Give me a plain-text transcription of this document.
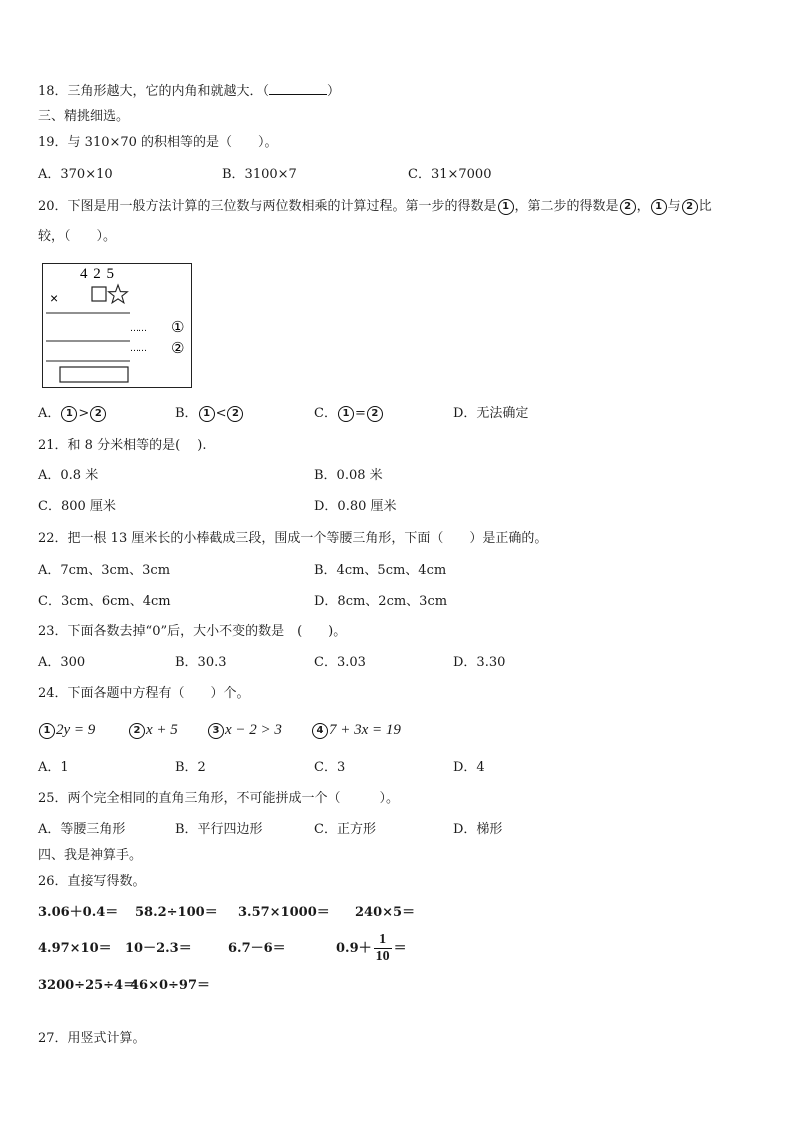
18．三角形越大，它的内角和就越大．（	）
三、精挑细选。
19．与 310×70 的积相等的是（　　）。
A．370×10	B．3100×7	C．31×7000
20．下图是用一般方法计算的三位数与两位数相乘的计算过程。第一步的得数是 1 ，第二步的得数是 2 ， 1 与 2 比
较，（　　）。
4 2 5
×
…… ①
…… ②
A． 1 > 2	B． 1 < 2	C． 1 = 2	D．无法确定
21．和 8 分米相等的是(　 ).
A．0.8 米	B．0.08 米
C．800 厘米	D．0.80 厘米
22．把一根 13 厘米长的小棒截成三段，围成一个等腰三角形，下面（　　）是正确的。
A．7cm、3cm、3cm	B．4cm、5cm、4cm
C．3cm、6cm、4cm	D．8cm、2cm、3cm
23．下面各数去掉“0”后，大小不变的数是　(　　)。
A．300	B．30.3	C．3.03	D．3.30
24．下面各题中方程有（　　）个。
1 2y = 9	2 x + 5	3 x − 2 > 3	4 7 + 3x = 19
A．1	B．2	C．3	D．4
25．两个完全相同的直角三角形，不可能拼成一个（　　　）。
A．等腰三角形	B．平行四边形	C．正方形	D．梯形
四、我是神算手。
26．直接写得数。
3.06＋0.4＝ 58.2÷100＝ 3.57×1000＝ 240×5＝
4.97×10＝ 10－2.3＝	6.7－6＝	$0.9+ \frac{1}{10}$ ＝
3200÷25÷4＝
46×0÷97＝
27．用竖式计算。
